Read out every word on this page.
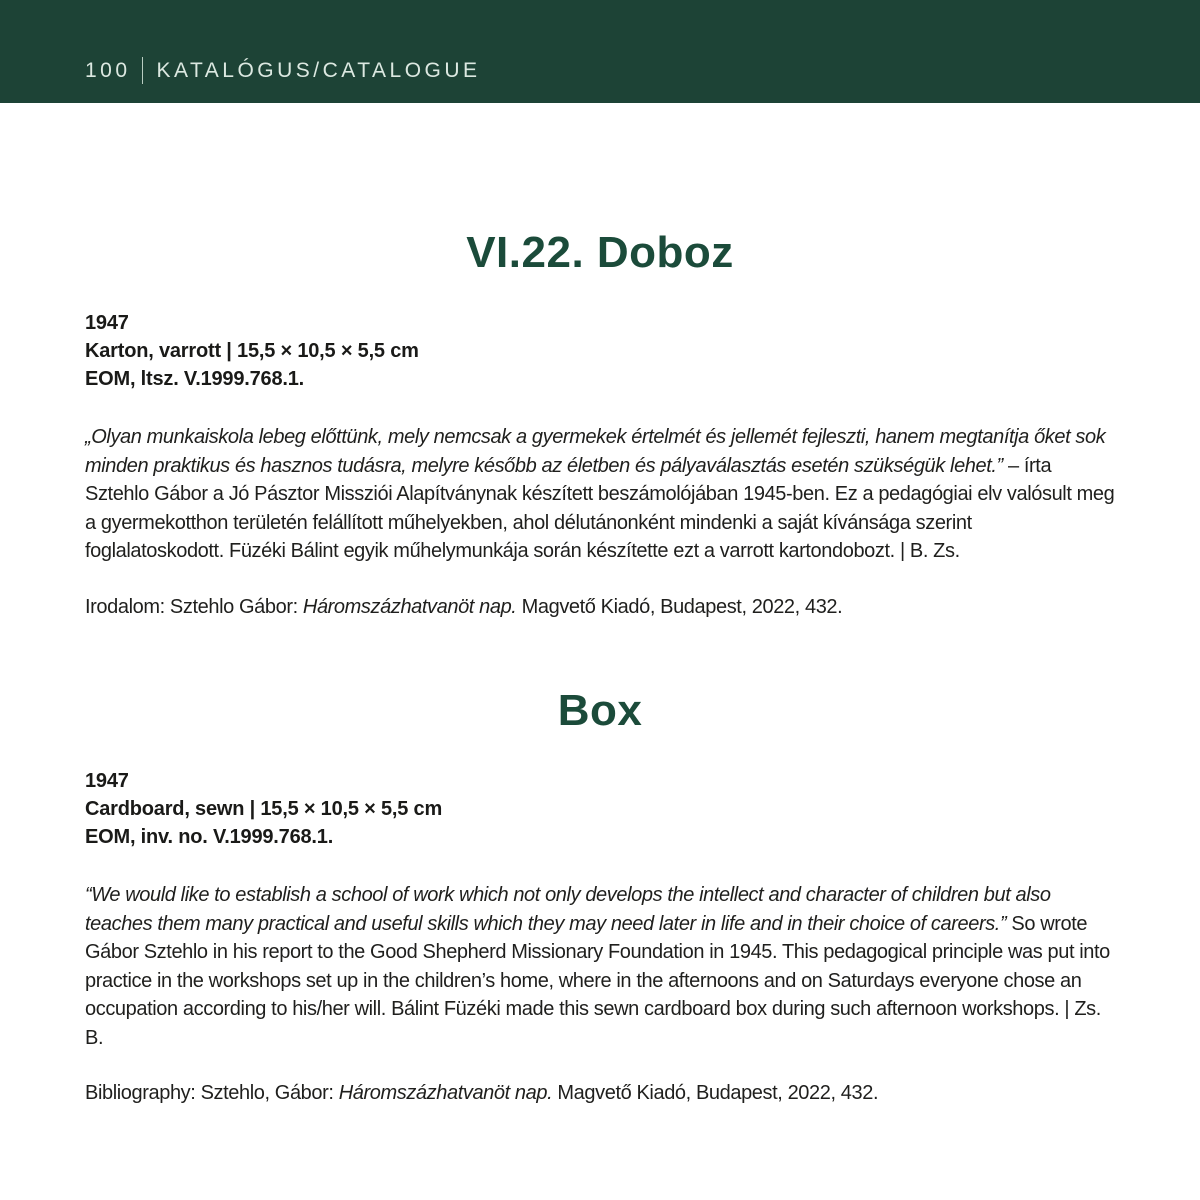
100 KATALÓGUS/CATALOGUE
VI.22. Doboz
1947
Karton, varrott | 15,5 × 10,5 × 5,5 cm
EOM, ltsz. V.1999.768.1.
„Olyan munkaiskola lebeg előttünk, mely nemcsak a gyermekek értelmét és jellemét fejleszti, hanem megtanítja őket sok minden praktikus és hasznos tudásra, melyre később az életben és pályaválasztás esetén szükségük lehet.” – írta Sztehlo Gábor a Jó Pásztor Missziói Alapítványnak készített beszámolójában 1945-ben. Ez a pedagógiai elv valósult meg a gyermekotthon területén felállított műhelyekben, ahol délutánonként mindenki a saját kívánsága szerint foglalatoskodott. Füzéki Bálint egyik műhelymunkája során készítette ezt a varrott kartondobozt. | B. Zs.
Irodalom: Sztehlo Gábor: Háromszázhatvanöt nap. Magvető Kiadó, Budapest, 2022, 432.
Box
1947
Cardboard, sewn | 15,5 × 10,5 × 5,5 cm
EOM, inv. no. V.1999.768.1.
“We would like to establish a school of work which not only develops the intellect and character of children but also teaches them many practical and useful skills which they may need later in life and in their choice of careers.” So wrote Gábor Sztehlo in his report to the Good Shepherd Missionary Foundation in 1945. This pedagogical principle was put into practice in the workshops set up in the children’s home, where in the afternoons and on Saturdays everyone chose an occupation according to his/her will. Bálint Füzéki made this sewn cardboard box during such afternoon workshops. | Zs. B.
Bibliography: Sztehlo, Gábor: Háromszázhatvanöt nap. Magvető Kiadó, Budapest, 2022, 432.
